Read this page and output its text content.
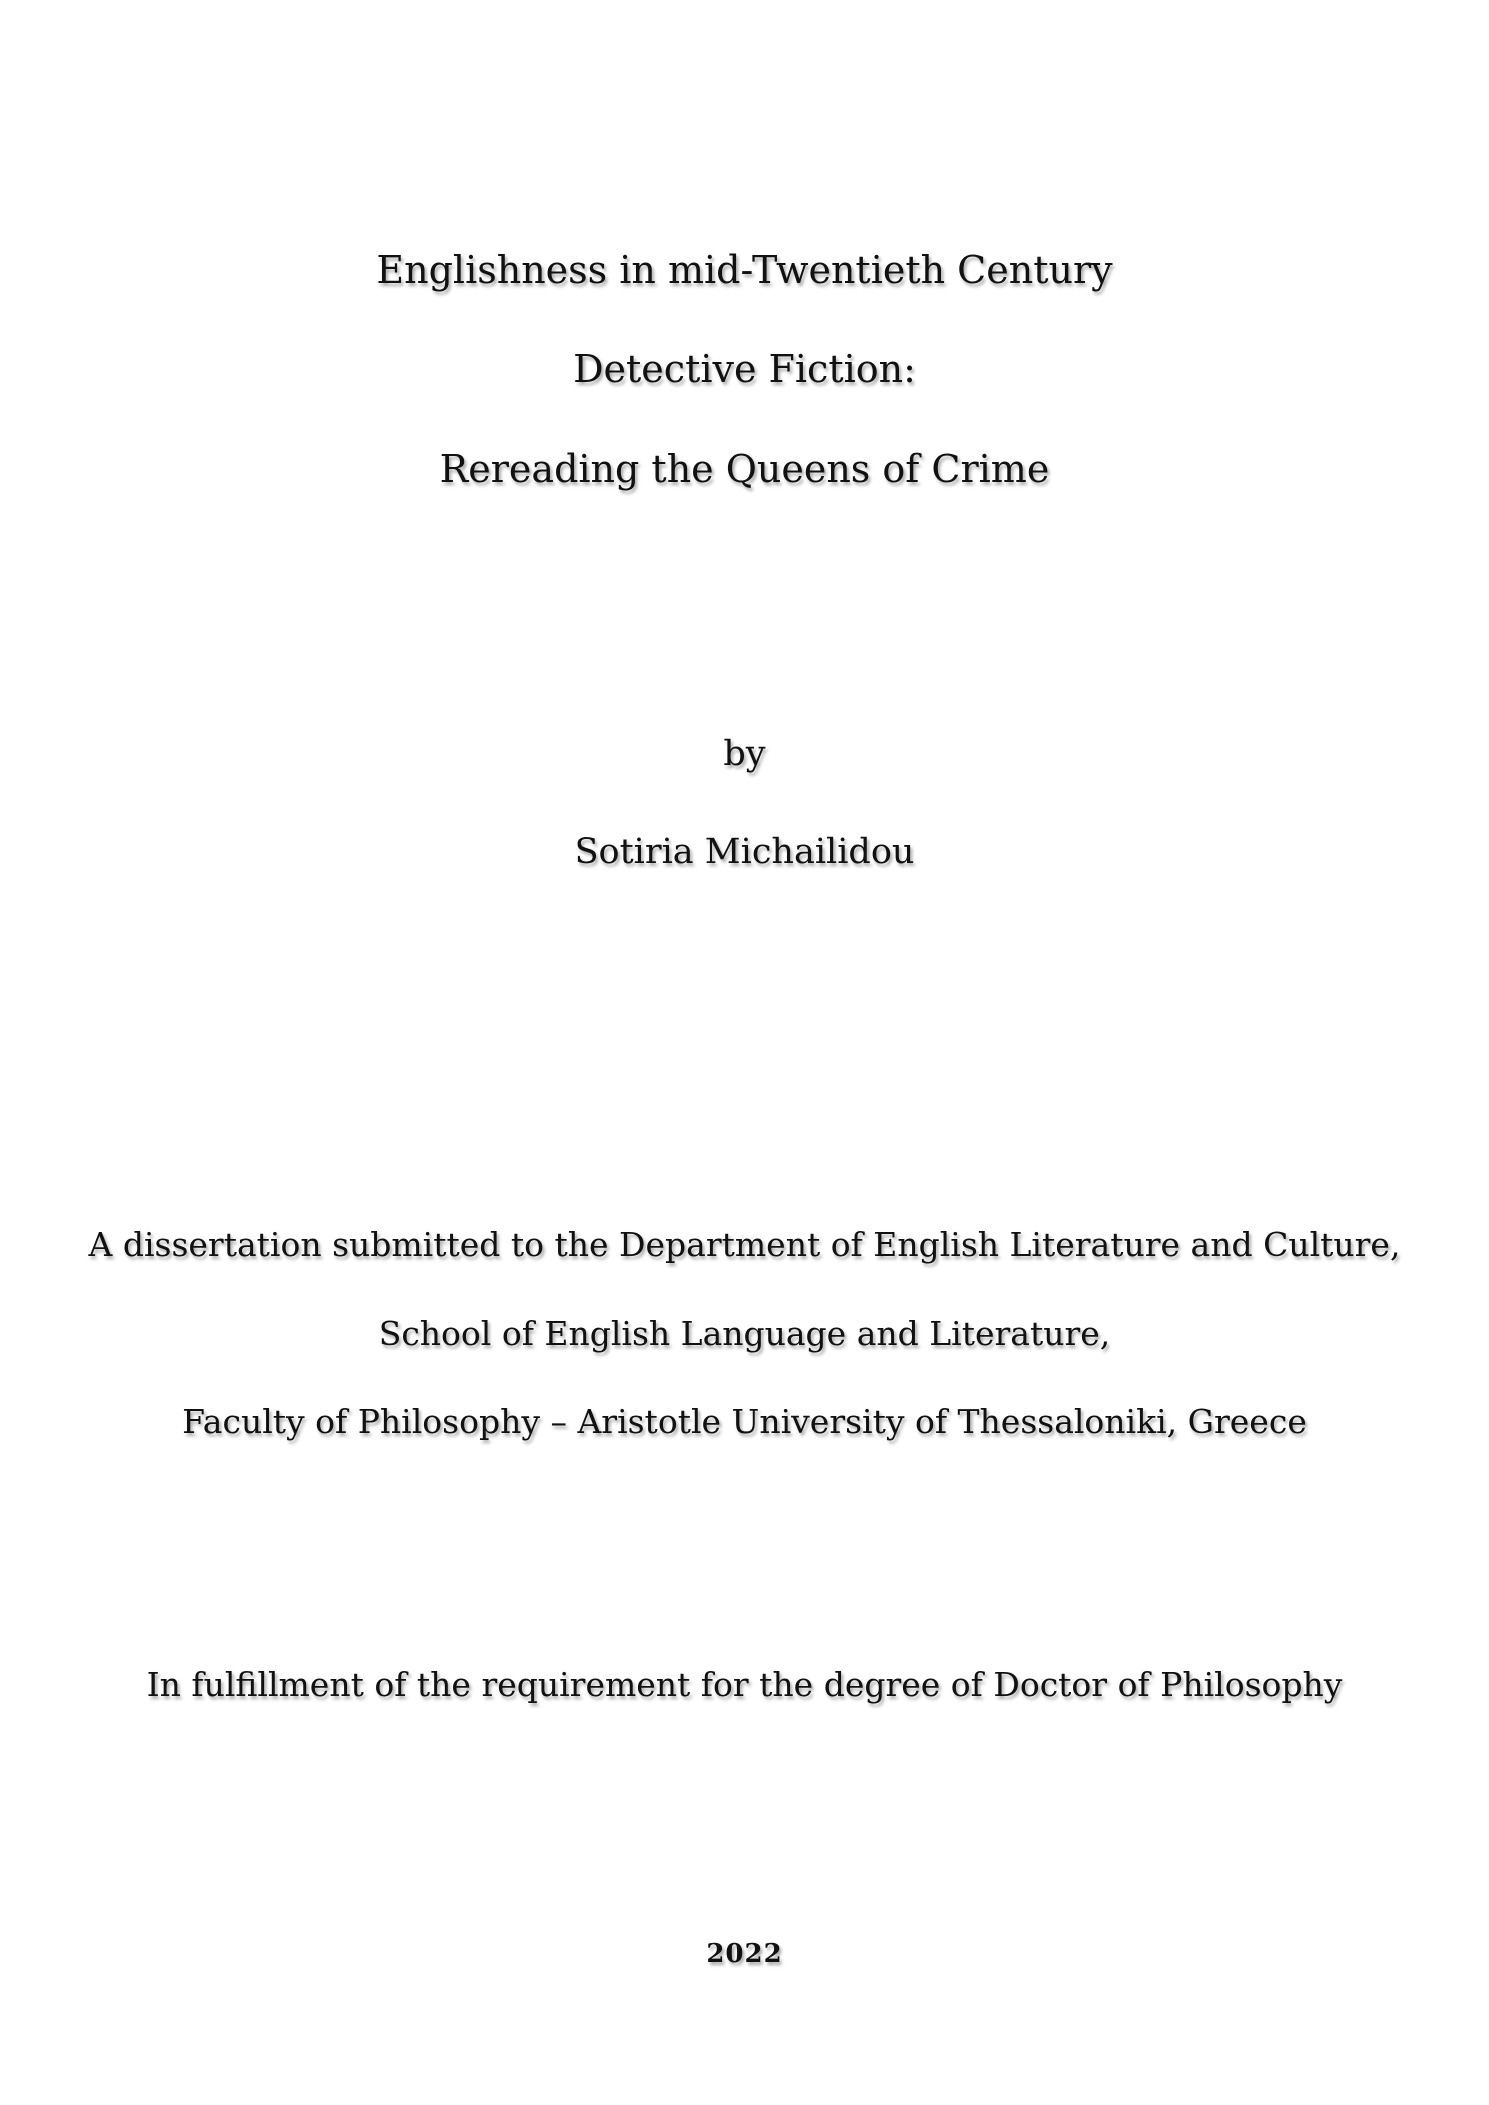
Englishness in mid-Twentieth Century
Detective Fiction:
Rereading the Queens of Crime
by
Sotiria Michailidou
A dissertation submitted to the Department of English Literature and Culture,
School of English Language and Literature,
Faculty of Philosophy – Aristotle University of Thessaloniki, Greece
In fulfillment of the requirement for the degree of Doctor of Philosophy
2022
